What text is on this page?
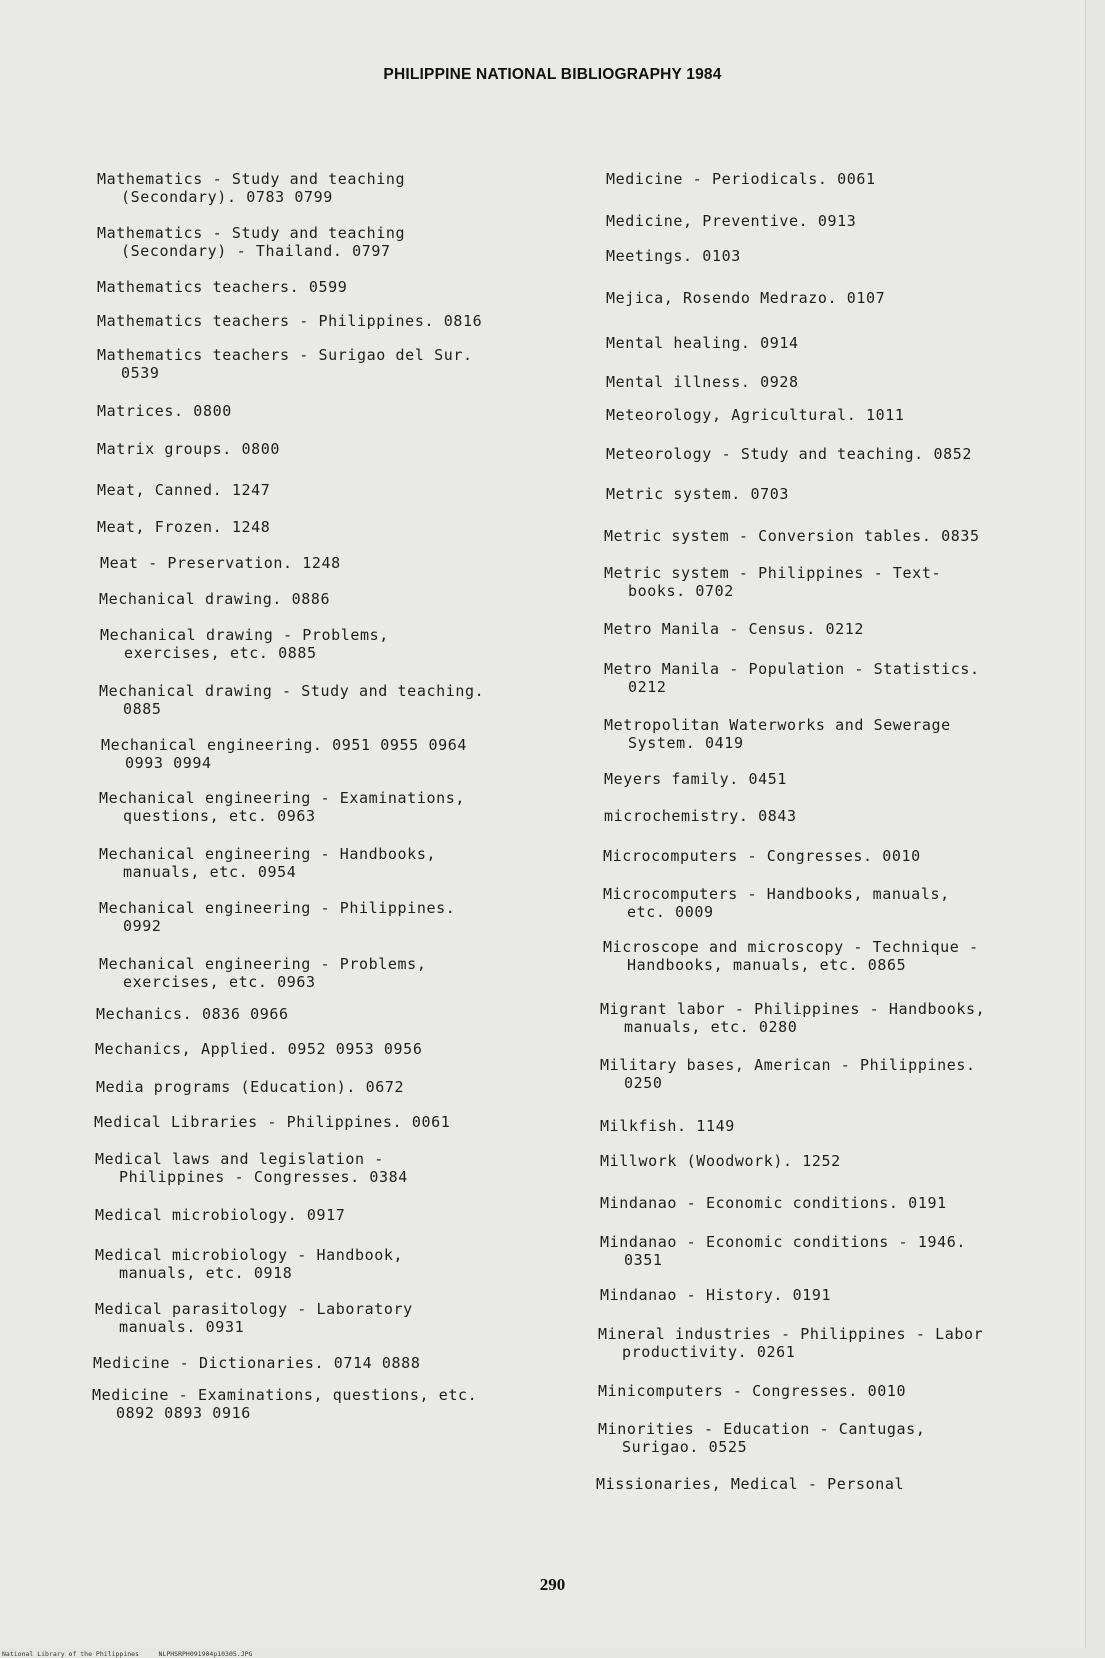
PHILIPPINE NATIONAL BIBLIOGRAPHY 1984
Mathematics - Study and teaching
(Secondary). 0783 0799
Mathematics - Study and teaching
(Secondary) - Thailand. 0797
Mathematics teachers. 0599
Mathematics teachers - Philippines. 0816
Mathematics teachers - Surigao del Sur.
0539
Matrices. 0800
Matrix groups. 0800
Meat, Canned. 1247
Meat, Frozen. 1248
Meat - Preservation. 1248
Mechanical drawing. 0886
Mechanical drawing - Problems,
exercises, etc. 0885
Mechanical drawing - Study and teaching.
0885
Mechanical engineering. 0951 0955 0964
0993 0994
Mechanical engineering - Examinations,
questions, etc. 0963
Mechanical engineering - Handbooks,
manuals, etc. 0954
Mechanical engineering - Philippines.
0992
Mechanical engineering - Problems,
exercises, etc. 0963
Mechanics. 0836 0966
Mechanics, Applied. 0952 0953 0956
Media programs (Education). 0672
Medical Libraries - Philippines. 0061
Medical laws and legislation -
Philippines - Congresses. 0384
Medical microbiology. 0917
Medical microbiology - Handbook,
manuals, etc. 0918
Medical parasitology - Laboratory
manuals. 0931
Medicine - Dictionaries. 0714 0888
Medicine - Examinations, questions, etc.
0892 0893 0916
Medicine - Periodicals. 0061
Medicine, Preventive. 0913
Meetings. 0103
Mejica, Rosendo Medrazo. 0107
Mental healing. 0914
Mental illness. 0928
Meteorology, Agricultural. 1011
Meteorology - Study and teaching. 0852
Metric system. 0703
Metric system - Conversion tables. 0835
Metric system - Philippines - Text-
books. 0702
Metro Manila - Census. 0212
Metro Manila - Population - Statistics.
0212
Metropolitan Waterworks and Sewerage
System. 0419
Meyers family. 0451
microchemistry. 0843
Microcomputers - Congresses. 0010
Microcomputers - Handbooks, manuals,
etc. 0009
Microscope and microscopy - Technique -
Handbooks, manuals, etc. 0865
Migrant labor - Philippines - Handbooks,
manuals, etc. 0280
Military bases, American - Philippines.
0250
Milkfish. 1149
Millwork (Woodwork). 1252
Mindanao - Economic conditions. 0191
Mindanao - Economic conditions - 1946.
0351
Mindanao - History. 0191
Mineral industries - Philippines - Labor
productivity. 0261
Minicomputers - Congresses. 0010
Minorities - Education - Cantugas,
Surigao. 0525
Missionaries, Medical - Personal
290
National Library of the Philippines     NLPHSRPH091904p10305.JPG
